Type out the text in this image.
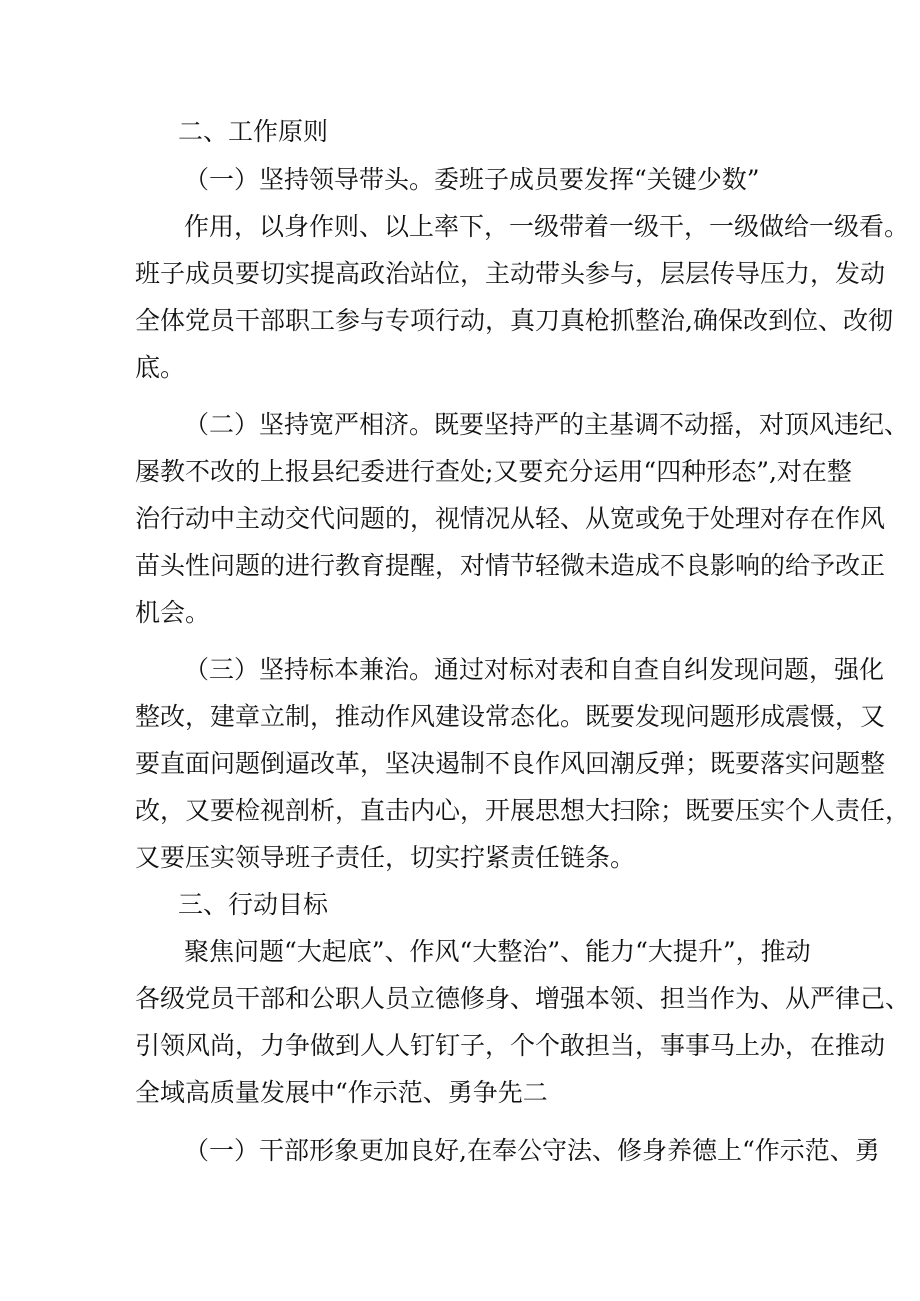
二、工作原则
（一）坚持领导带头。委班子成员要发挥“关键少数”
作用，以身作则、以上率下，一级带着一级干，一级做给一级看。
班子成员要切实提高政治站位，主动带头参与，层层传导压力，发动
全体党员干部职工参与专项行动，真刀真枪抓整治,确保改到位、改彻
底。
（二）坚持宽严相济。既要坚持严的主基调不动摇，对顶风违纪、
屡教不改的上报县纪委进行查处;又要充分运用“四种形态”,对在整
治行动中主动交代问题的，视情况从轻、从宽或免于处理对存在作风
苗头性问题的进行教育提醒，对情节轻微未造成不良影响的给予改正
机会。
（三）坚持标本兼治。通过对标对表和自查自纠发现问题，强化
整改，建章立制，推动作风建设常态化。既要发现问题形成震慑，又
要直面问题倒逼改革，坚决遏制不良作风回潮反弹；既要落实问题整
改，又要检视剖析，直击内心，开展思想大扫除；既要压实个人责任，
又要压实领导班子责任，切实拧紧责任链条。
三、行动目标
聚焦问题“大起底”、作风“大整治”、能力“大提升”，推动
各级党员干部和公职人员立德修身、增强本领、担当作为、从严律己、
引领风尚，力争做到人人钉钉子，个个敢担当，事事马上办，在推动
全域高质量发展中“作示范、勇争先二
（一）干部形象更加良好,在奉公守法、修身养德上“作示范、勇
